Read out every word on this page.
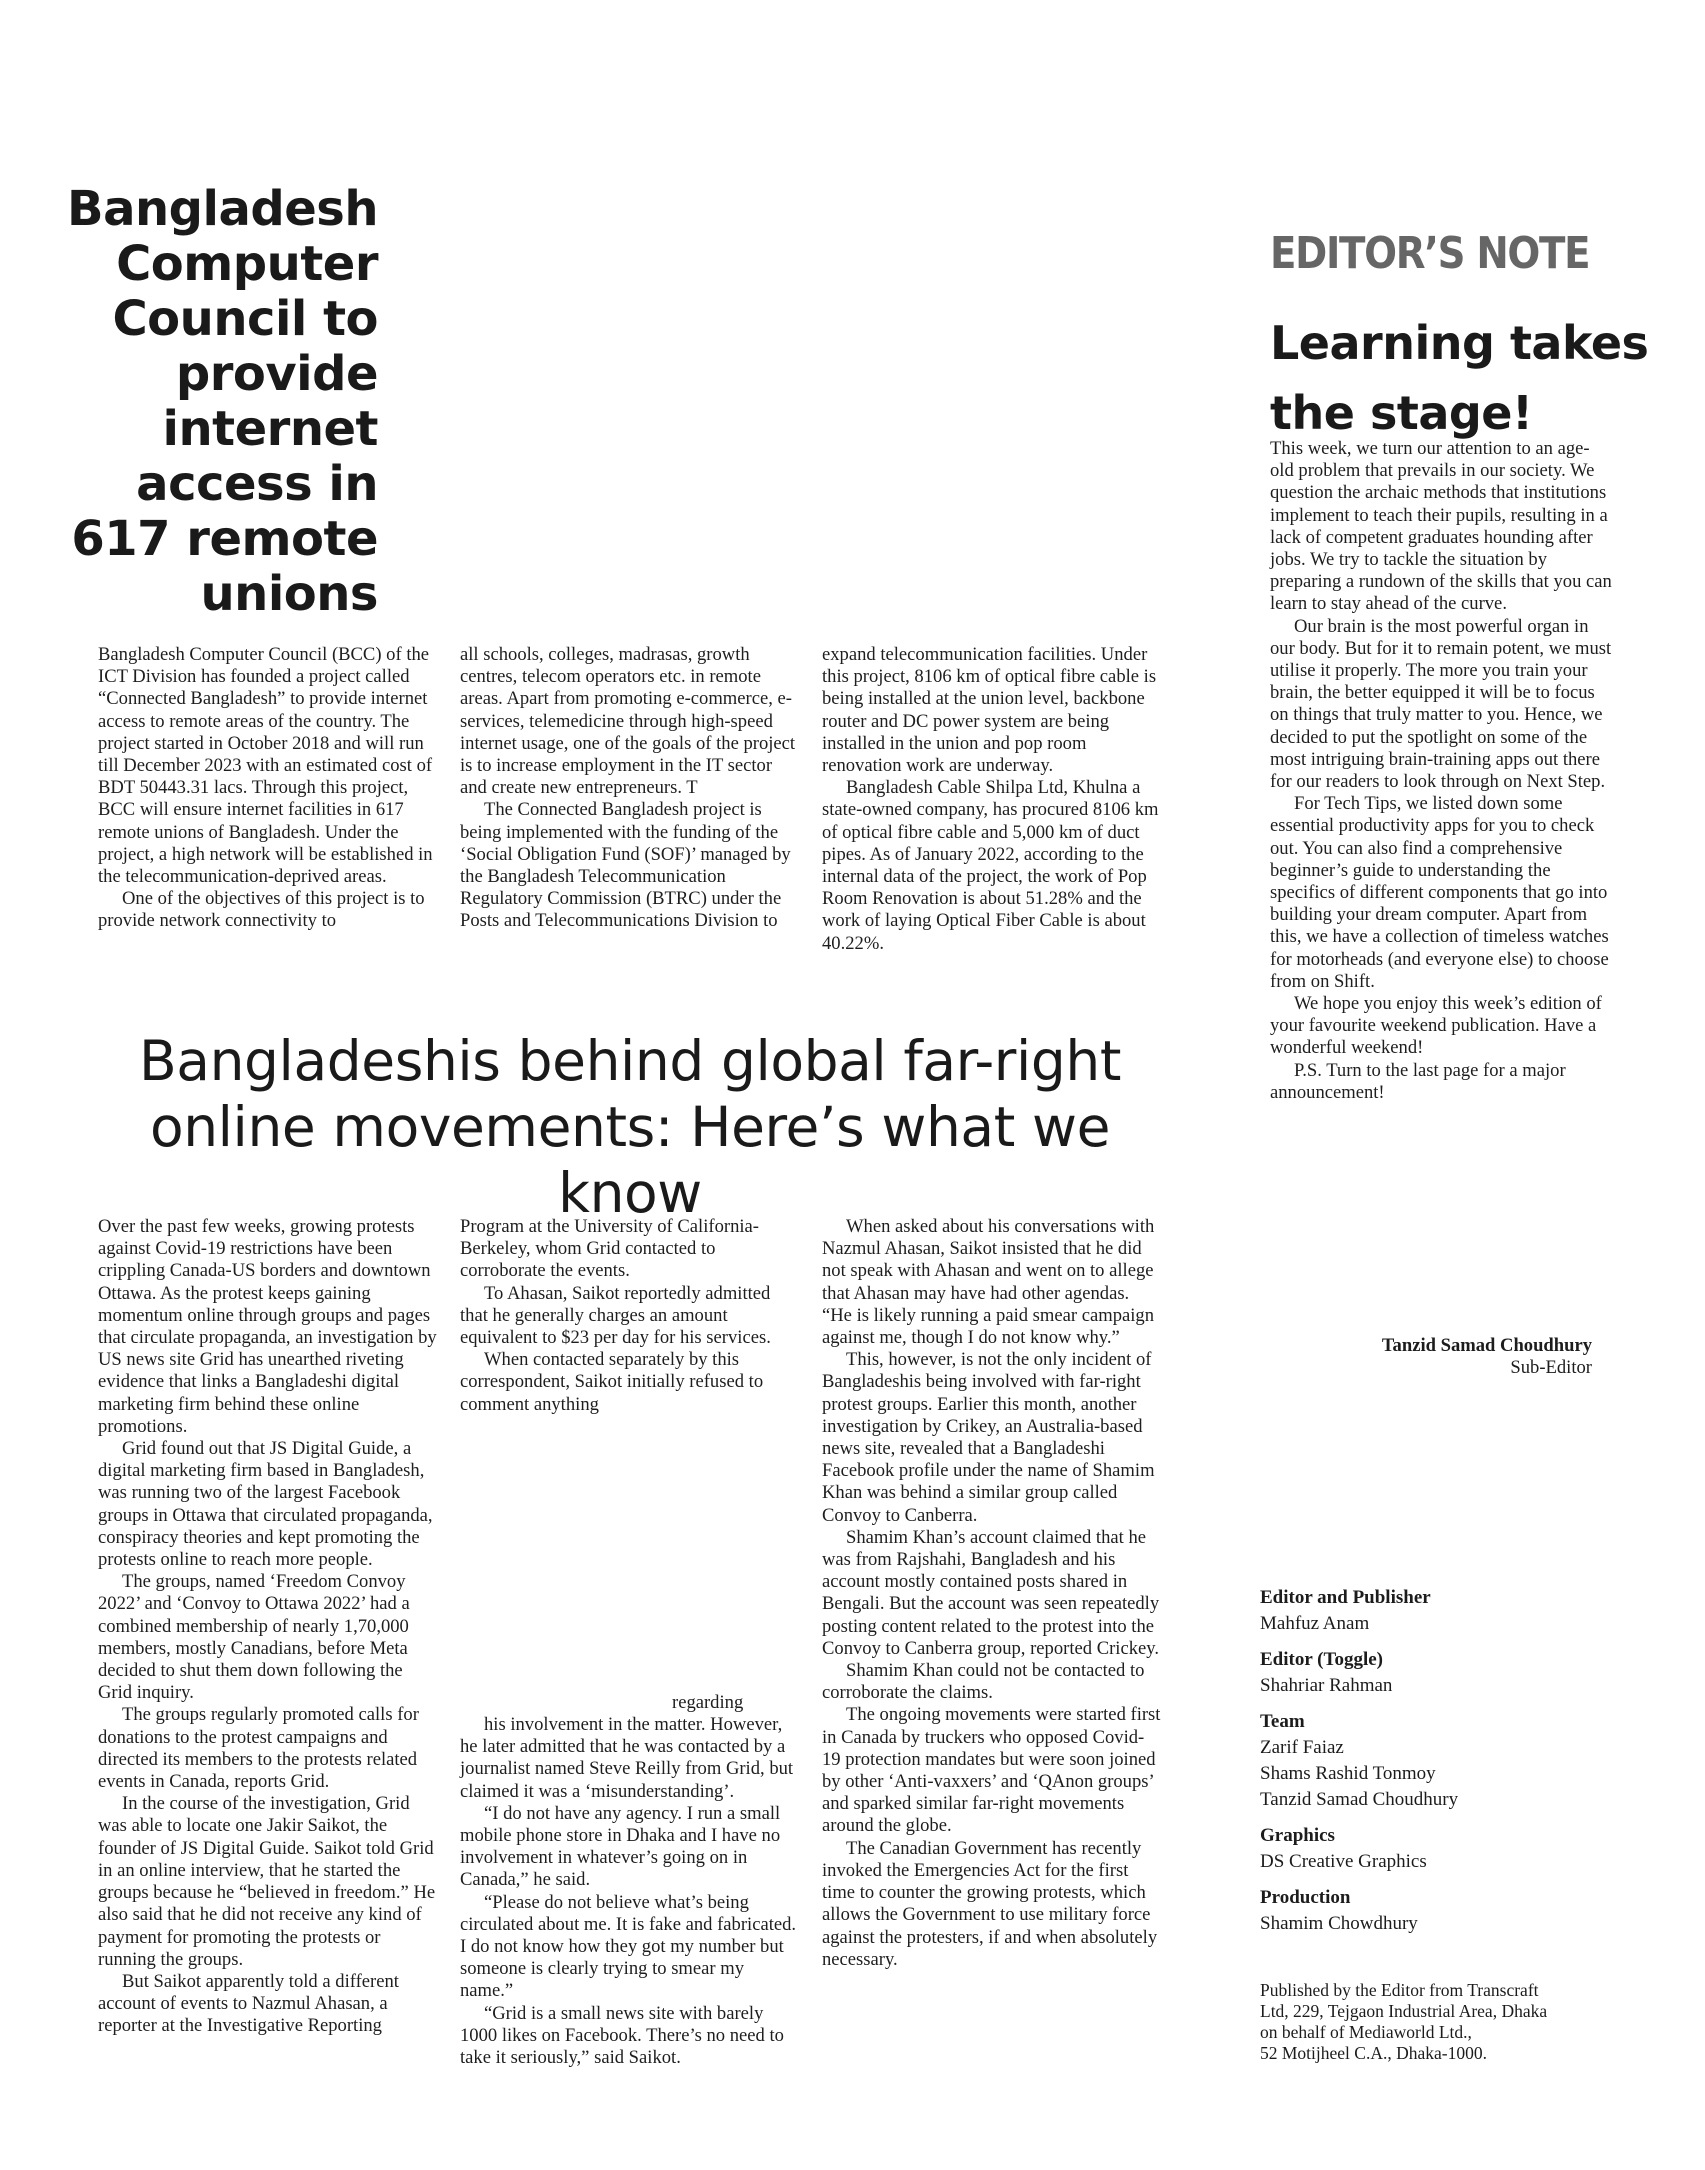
Bangladesh Computer Council to provide internet access in 617 remote unions

Bangladesh Computer Council (BCC) of the ICT Division has founded a project called “Connected Bangladesh” to provide internet access to remote areas of the country. The project started in October 2018 and will run till December 2023 with an estimated cost of BDT 50443.31 lacs. Through this project, BCC will ensure internet facilities in 617 remote unions of Bangladesh. Under the project, a high network will be established in the telecommunication-deprived areas.

One of the objectives of this project is to provide network connectivity to

all schools, colleges, madrasas, growth centres, telecom operators etc. in remote areas. Apart from promoting e-commerce, e-services, telemedicine through high-speed internet usage, one of the goals of the project is to increase employment in the IT sector and create new entrepreneurs. T

The Connected Bangladesh project is being implemented with the funding of the ‘Social Obligation Fund (SOF)’ managed by the Bangladesh Telecommunication Regulatory Commission (BTRC) under the Posts and Telecommunications Division to

expand telecommunication facilities. Under this project, 8106 km of optical fibre cable is being installed at the union level, backbone router and DC power system are being installed in the union and pop room renovation work are underway.

Bangladesh Cable Shilpa Ltd, Khulna a state-owned company, has procured 8106 km of optical fibre cable and 5,000 km of duct pipes. As of January 2022, according to the internal data of the project, the work of Pop Room Renovation is about 51.28% and the work of laying Optical Fiber Cable is about 40.22%.

Bangladeshis behind global far-right online movements: Here’s what we know

Over the past few weeks, growing protests against Covid-19 restrictions have been crippling Canada-US borders and downtown Ottawa. As the protest keeps gaining momentum online through groups and pages that circulate propaganda, an investigation by US news site Grid has unearthed riveting evidence that links a Bangladeshi digital marketing firm behind these online promotions.

Grid found out that JS Digital Guide, a digital marketing firm based in Bangladesh, was running two of the largest Facebook groups in Ottawa that circulated propaganda, conspiracy theories and kept promoting the protests online to reach more people.

The groups, named ‘Freedom Convoy 2022’ and ‘Convoy to Ottawa 2022’ had a combined membership of nearly 1,70,000 members, mostly Canadians, before Meta decided to shut them down following the Grid inquiry.

The groups regularly promoted calls for donations to the protest campaigns and directed its members to the protests related events in Canada, reports Grid.

In the course of the investigation, Grid was able to locate one Jakir Saikot, the founder of JS Digital Guide. Saikot told Grid in an online interview, that he started the groups because he “believed in freedom.” He also said that he did not receive any kind of payment for promoting the protests or running the groups.

But Saikot apparently told a different account of events to Nazmul Ahasan, a reporter at the Investigative Reporting

Program at the University of California-Berkeley, whom Grid contacted to corroborate the events.

To Ahasan, Saikot reportedly admitted that he generally charges an amount equivalent to $23 per day for his services.

When contacted separately by this correspondent, Saikot initially refused to comment anything

regarding

his involvement in the matter. However, he later admitted that he was contacted by a journalist named Steve Reilly from Grid, but claimed it was a ‘misunderstanding’.

“I do not have any agency. I run a small mobile phone store in Dhaka and I have no involvement in whatever’s going on in Canada,” he said.

“Please do not believe what’s being circulated about me. It is fake and fabricated. I do not know how they got my number but someone is clearly trying to smear my name.”

“Grid is a small news site with barely 1000 likes on Facebook. There’s no need to take it seriously,” said Saikot.

When asked about his conversations with Nazmul Ahasan, Saikot insisted that he did not speak with Ahasan and went on to allege that Ahasan may have had other agendas. “He is likely running a paid smear campaign against me, though I do not know why.”

This, however, is not the only incident of Bangladeshis being involved with far-right protest groups. Earlier this month, another investigation by Crikey, an Australia-based news site, revealed that a Bangladeshi Facebook profile under the name of Shamim Khan was behind a similar group called Convoy to Canberra.

Shamim Khan’s account claimed that he was from Rajshahi, Bangladesh and his account mostly contained posts shared in Bengali. But the account was seen repeatedly posting content related to the protest into the Convoy to Canberra group, reported Crickey.

Shamim Khan could not be contacted to corroborate the claims.

The ongoing movements were started first in Canada by truckers who opposed Covid-19 protection mandates but were soon joined by other ‘Anti-vaxxers’ and ‘QAnon groups’ and sparked similar far-right movements around the globe.

The Canadian Government has recently invoked the Emergencies Act for the first time to counter the growing protests, which allows the Government to use military force against the protesters, if and when absolutely necessary.

EDITOR’S NOTE
Learning takes
the stage!

This week, we turn our attention to an age-old problem that prevails in our society. We question the archaic methods that institutions implement to teach their pupils, resulting in a lack of competent graduates hounding after jobs. We try to tackle the situation by preparing a rundown of the skills that you can learn to stay ahead of the curve.

Our brain is the most powerful organ in our body. But for it to remain potent, we must utilise it properly. The more you train your brain, the better equipped it will be to focus on things that truly matter to you. Hence, we decided to put the spotlight on some of the most intriguing brain-training apps out there for our readers to look through on Next Step.

For Tech Tips, we listed down some essential productivity apps for you to check out. You can also find a comprehensive beginner’s guide to understanding the specifics of different components that go into building your dream computer. Apart from this, we have a collection of timeless watches for motorheads (and everyone else) to choose from on Shift.

We hope you enjoy this week’s edition of your favourite weekend publication. Have a wonderful weekend!

P.S. Turn to the last page for a major announcement!

Tanzid Samad Choudhury
Sub-Editor
Editor and Publisher
Mahfuz Anam
Editor (Toggle)
Shahriar Rahman
Team
Zarif Faiaz
Shams Rashid Tonmoy
Tanzid Samad Choudhury
Graphics
DS Creative Graphics
Production
Shamim Chowdhury
Published by the Editor from Transcraft
Ltd, 229, Tejgaon Industrial Area, Dhaka
on behalf of Mediaworld Ltd.,
52 Motijheel C.A., Dhaka-1000.
